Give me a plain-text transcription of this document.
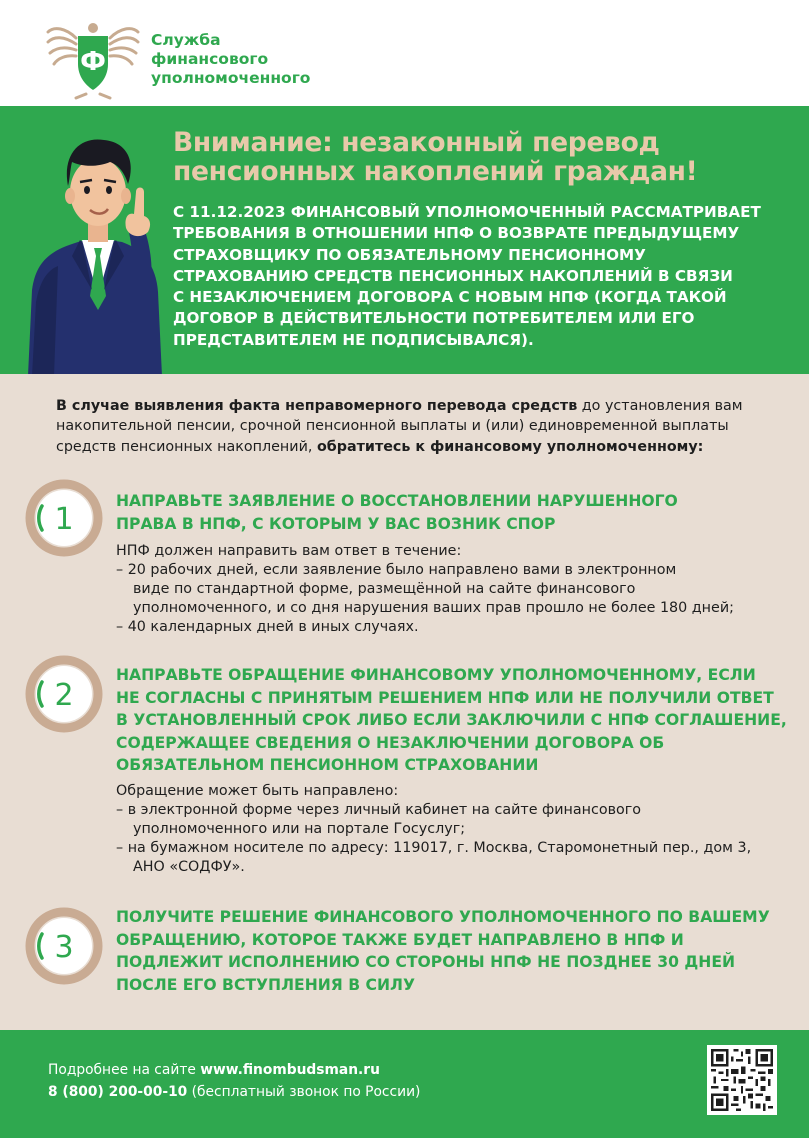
Ф
Служба
финансового
уполномоченного
Внимание: незаконный перевод
пенсионных накоплений граждан!
С 11.12.2023 ФИНАНСОВЫЙ УПОЛНОМОЧЕННЫЙ РАССМАТРИВАЕТ
ТРЕБОВАНИЯ В ОТНОШЕНИИ НПФ О ВОЗВРАТЕ ПРЕДЫДУЩЕМУ
СТРАХОВЩИКУ ПО ОБЯЗАТЕЛЬНОМУ ПЕНСИОННОМУ
СТРАХОВАНИЮ СРЕДСТВ ПЕНСИОННЫХ НАКОПЛЕНИЙ В СВЯЗИ
С НЕЗАКЛЮЧЕНИЕМ ДОГОВОРА С НОВЫМ НПФ (КОГДА ТАКОЙ
ДОГОВОР В ДЕЙСТВИТЕЛЬНОСТИ ПОТРЕБИТЕЛЕМ ИЛИ ЕГО
ПРЕДСТАВИТЕЛЕМ НЕ ПОДПИСЫВАЛСЯ).
В случае выявления факта неправомерного перевода средств до установления вам
накопительной пенсии, срочной пенсионной выплаты и (или) единовременной выплаты
средств пенсионных накоплений, обратитесь к финансовому уполномоченному:
1
НАПРАВЬТЕ ЗАЯВЛЕНИЕ О ВОССТАНОВЛЕНИИ НАРУШЕННОГО
ПРАВА В НПФ, С КОТОРЫМ У ВАС ВОЗНИК СПОР
НПФ должен направить вам ответ в течение:
– 20 рабочих дней, если заявление было направлено вами в электронном
виде по стандартной форме, размещённой на сайте финансового
уполномоченного, и со дня нарушения ваших прав прошло не более 180 дней;
– 40 календарных дней в иных случаях.
2
НАПРАВЬТЕ ОБРАЩЕНИЕ ФИНАНСОВОМУ УПОЛНОМОЧЕННОМУ, ЕСЛИ
НЕ СОГЛАСНЫ С ПРИНЯТЫМ РЕШЕНИЕМ НПФ ИЛИ НЕ ПОЛУЧИЛИ ОТВЕТ
В УСТАНОВЛЕННЫЙ СРОК ЛИБО ЕСЛИ ЗАКЛЮЧИЛИ С НПФ СОГЛАШЕНИЕ,
СОДЕРЖАЩЕЕ СВЕДЕНИЯ О НЕЗАКЛЮЧЕНИИ ДОГОВОРА ОБ
ОБЯЗАТЕЛЬНОМ ПЕНСИОННОМ СТРАХОВАНИИ
Обращение может быть направлено:
– в электронной форме через личный кабинет на сайте финансового
уполномоченного или на портале Госуслуг;
– на бумажном носителе по адресу: 119017, г. Москва, Старомонетный пер., дом 3,
АНО «СОДФУ».
3
ПОЛУЧИТЕ РЕШЕНИЕ ФИНАНСОВОГО УПОЛНОМОЧЕННОГО ПО ВАШЕМУ
ОБРАЩЕНИЮ, КОТОРОЕ ТАКЖЕ БУДЕТ НАПРАВЛЕНО В НПФ И
ПОДЛЕЖИТ ИСПОЛНЕНИЮ СО СТОРОНЫ НПФ НЕ ПОЗДНЕЕ 30 ДНЕЙ
ПОСЛЕ ЕГО ВСТУПЛЕНИЯ В СИЛУ
Подробнее на сайте www.finombudsman.ru
8 (800) 200-00-10 (бесплатный звонок по России)
